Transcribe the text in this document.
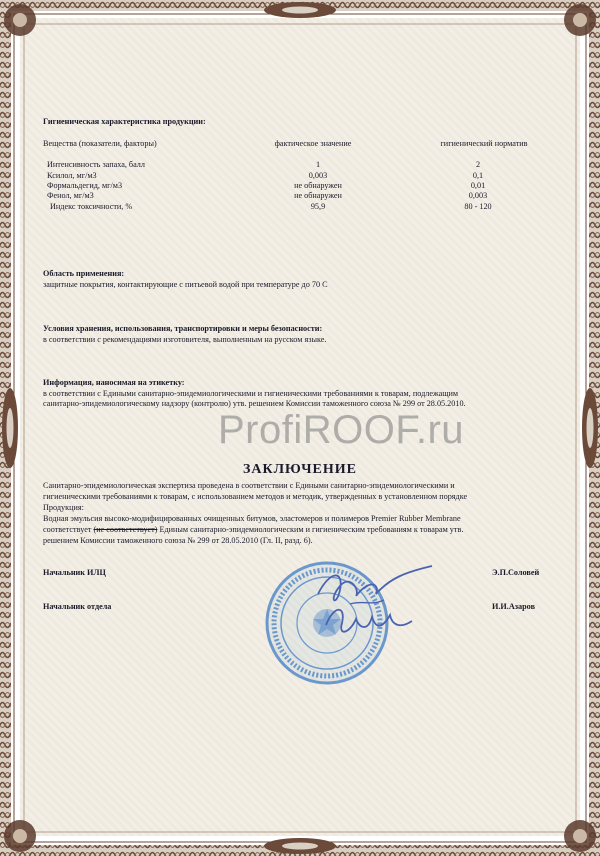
Гигиеническая характеристика продукции:
Вещества (показатели, факторы)	фактическое значение	гигиенический норматив
Интенсивность запаха, балл	1	2
Ксилол, мг/м3	0,003	0,1
Формальдегид, мг/м3	не обнаружен	0,01
Фенол, мг/м3	не обнаружен	0,003
Индекс токсичности, %	95,9	80 - 120
Область применения:
защитные покрытия, контактирующие с питьевой водой при температуре до 70 С
Условия хранения, использования, транспортировки и меры безопасности:
в соответствии с рекомендациями изготовителя, выполненным на русском языке.
Информация, наносимая на этикетку:
в соответствии с Едиными санитарно-эпидемиологическими и гигиеническими требованиями к товарам, подлежащим
санитарно-эпидемиологическому надзору (контролю) утв. решением Комиссии таможенного союза № 299 от 28.05.2010.
ProfiROOF.ru
ЗАКЛЮЧЕНИЕ
Санитарно-эпидемиологическая экспертиза проведена в соответствии с Едиными санитарно-эпидемиологическими и
гигиеническими требованиями к товарам, с использованием методов и методик, утвержденных в установленном порядке
Продукция:
Водная эмульсия высоко-модифицированных очищенных битумов, эластомеров и полимеров Premier Rubber Membrane
соответствует (не соответствует) Единым санитарно-эпидемиологическим и гигиеническим требованиям к товарам утв.
решением Комиссии таможенного союза № 299 от 28.05.2010 (Гл. II, разд. 6).
Начальник ИЛЦ	Э.П.Соловей
Начальник отдела	И.И.Азаров
